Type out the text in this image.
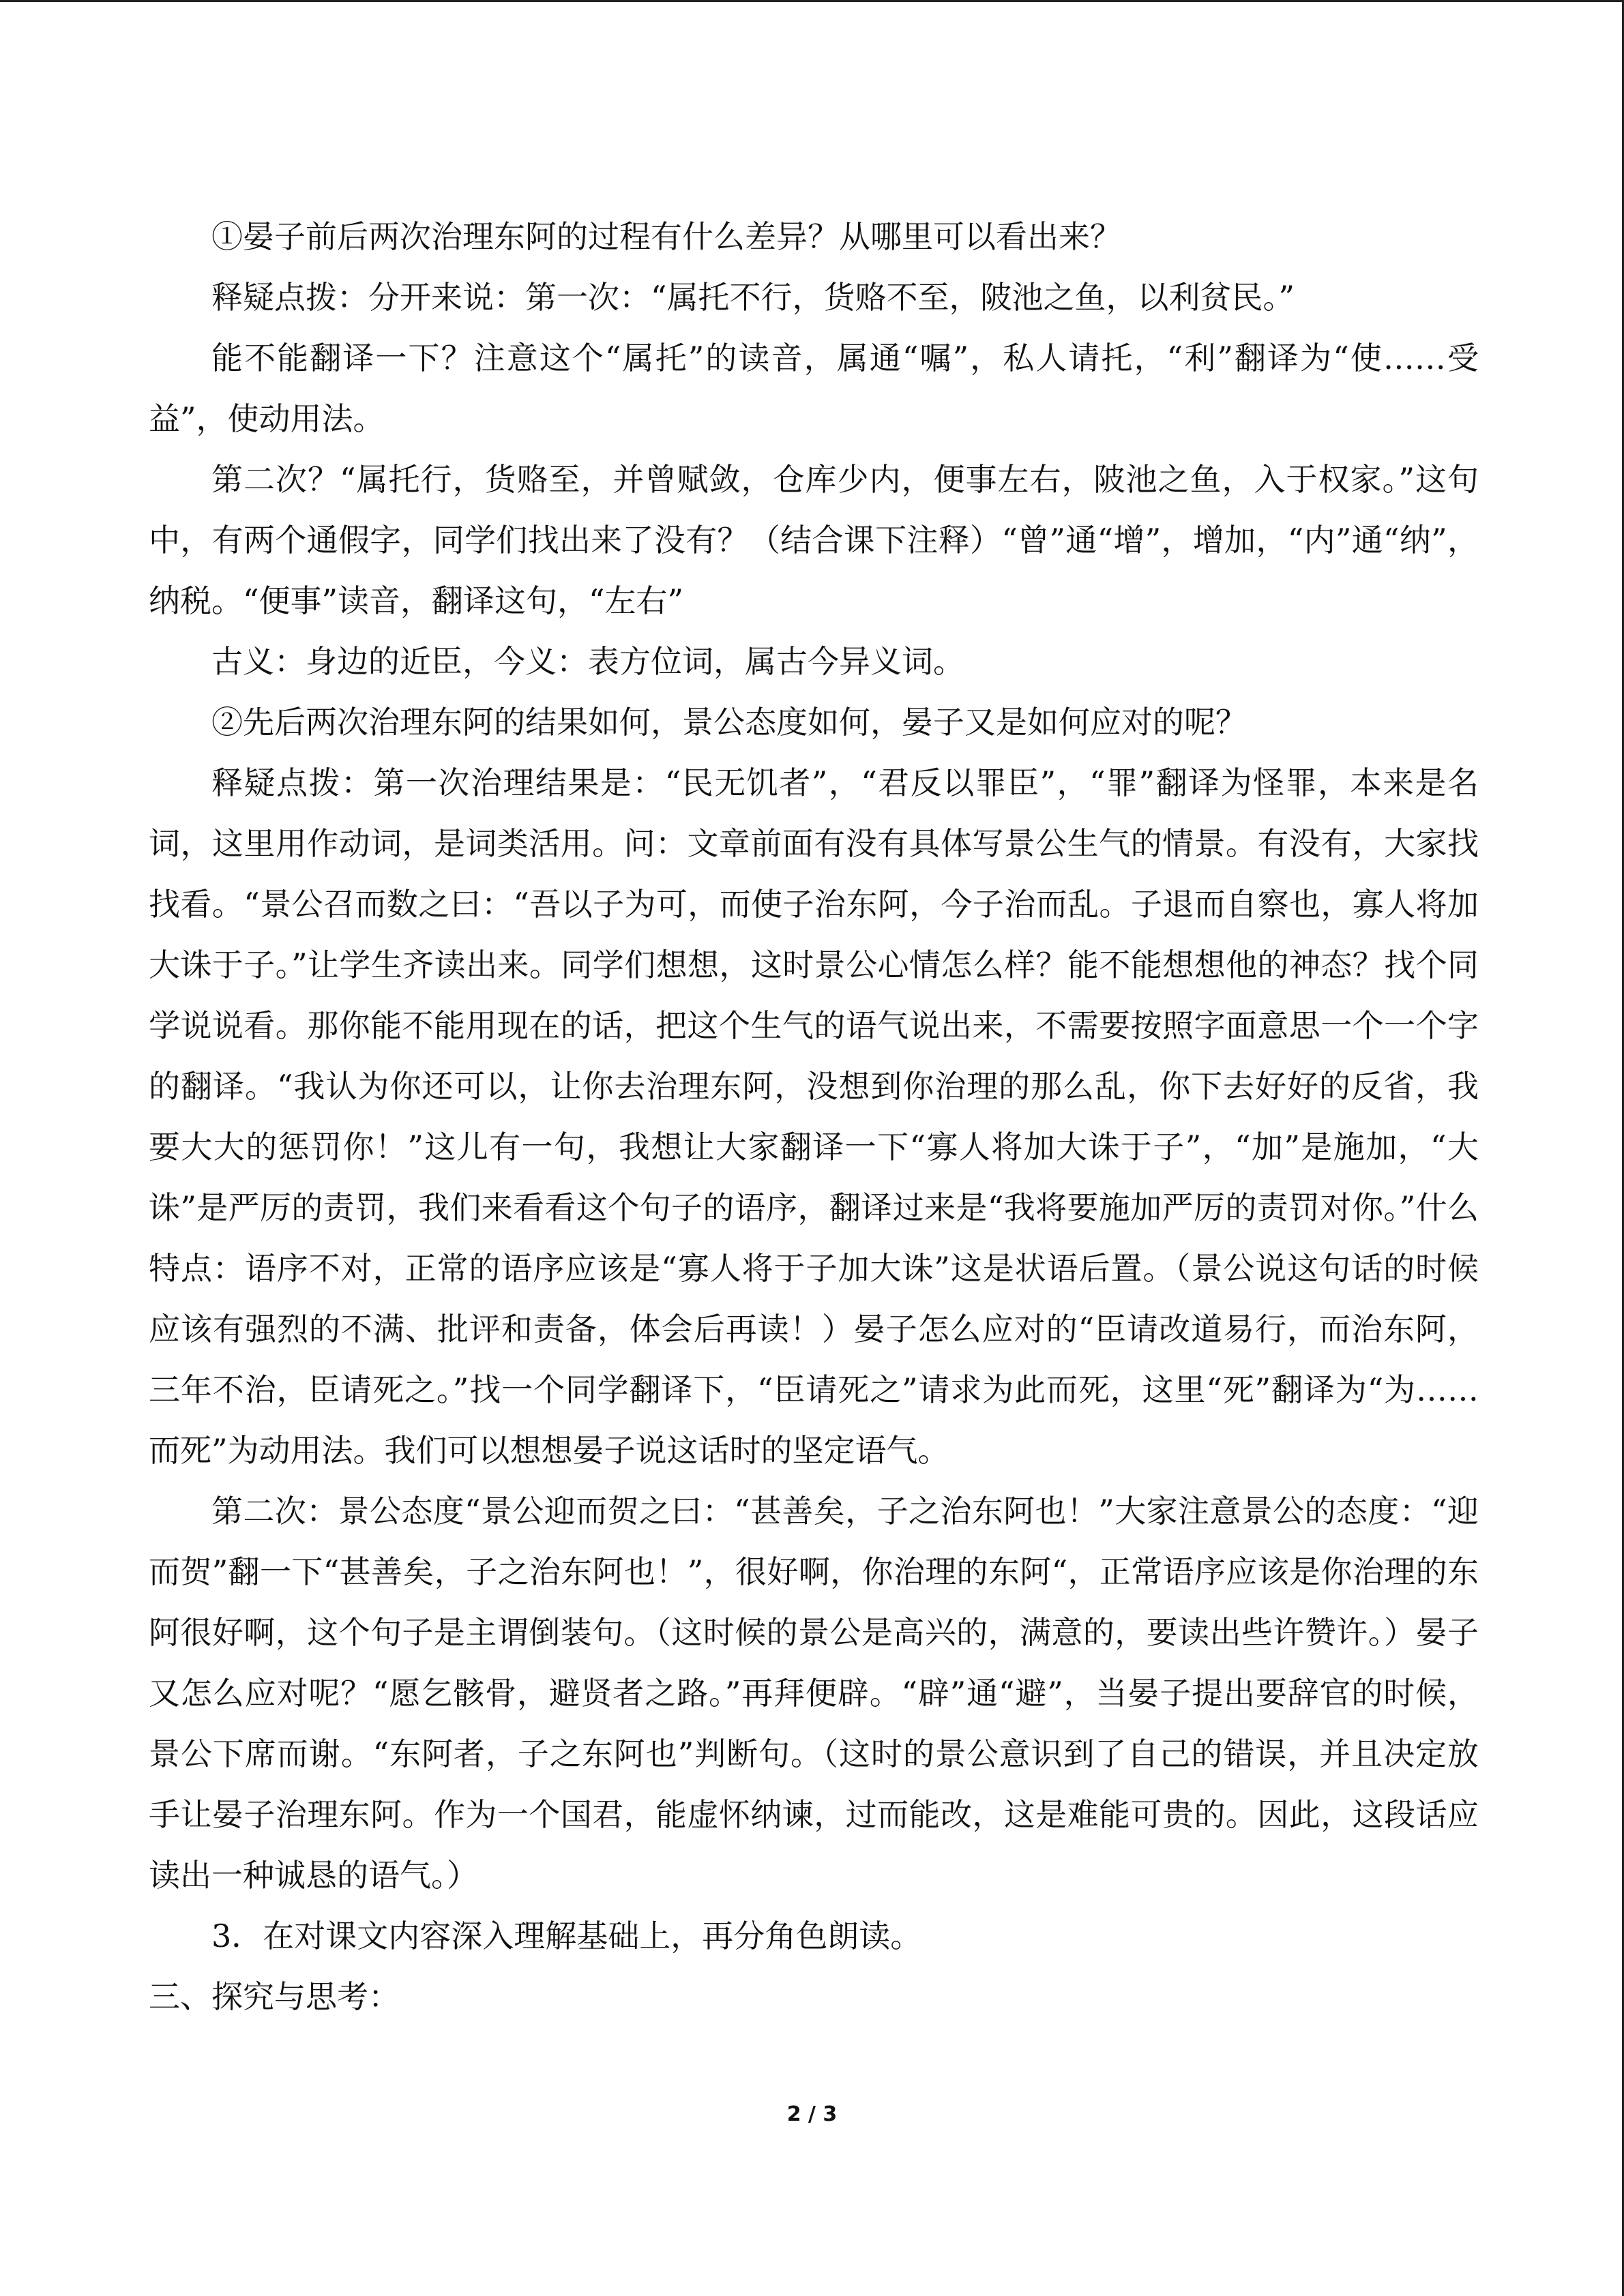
①晏子前后两次治理东阿的过程有什么差异？从哪里可以看出来？

释疑点拨：分开来说：第一次：“属托不行，货赂不至，陂池之鱼，以利贫民。”

能不能翻译一下？注意这个“属托”的读音，属通“嘱”，私人请托，“利”翻译为“使……受益”，使动用法。

第二次？“属托行，货赂至，并曾赋敛，仓库少内，便事左右，陂池之鱼，入于权家。”这句中，有两个通假字，同学们找出来了没有？（结合课下注释）“曾”通“增”，增加，“内”通“纳”，纳税。“便事”读音，翻译这句，“左右”

古义：身边的近臣，今义：表方位词，属古今异义词。

②先后两次治理东阿的结果如何，景公态度如何，晏子又是如何应对的呢？

释疑点拨：第一次治理结果是：“民无饥者”，“君反以罪臣”，“罪”翻译为怪罪，本来是名词，这里用作动词，是词类活用。问：文章前面有没有具体写景公生气的情景。有没有，大家找找看。“景公召而数之曰：“吾以子为可，而使子治东阿，今子治而乱。子退而自察也，寡人将加大诛于子。”让学生齐读出来。同学们想想，这时景公心情怎么样？能不能想想他的神态？找个同学说说看。那你能不能用现在的话，把这个生气的语气说出来，不需要按照字面意思一个一个字的翻译。“我认为你还可以，让你去治理东阿，没想到你治理的那么乱，你下去好好的反省，我要大大的惩罚你！”这儿有一句，我想让大家翻译一下“寡人将加大诛于子”，“加”是施加，“大诛”是严厉的责罚，我们来看看这个句子的语序，翻译过来是“我将要施加严厉的责罚对你。”什么特点：语序不对，正常的语序应该是“寡人将于子加大诛”这是状语后置。（景公说这句话的时候应该有强烈的不满、批评和责备，体会后再读！）晏子怎么应对的“臣请改道易行，而治东阿，三年不治，臣请死之。”找一个同学翻译下，“臣请死之”请求为此而死，这里“死”翻译为“为……而死”为动用法。我们可以想想晏子说这话时的坚定语气。

第二次：景公态度“景公迎而贺之曰：“甚善矣，子之治东阿也！”大家注意景公的态度：“迎而贺”翻一下“甚善矣，子之治东阿也！”，很好啊，你治理的东阿“，正常语序应该是你治理的东阿很好啊，这个句子是主谓倒装句。（这时候的景公是高兴的，满意的，要读出些许赞许。）晏子又怎么应对呢？“愿乞骸骨，避贤者之路。”再拜便辟。“辟”通“避”，当晏子提出要辞官的时候，景公下席而谢。“东阿者，子之东阿也”判断句。（这时的景公意识到了自己的错误，并且决定放手让晏子治理东阿。作为一个国君，能虚怀纳谏，过而能改，这是难能可贵的。因此，这段话应读出一种诚恳的语气。）

3．在对课文内容深入理解基础上，再分角色朗读。

三、探究与思考：

2 / 3
